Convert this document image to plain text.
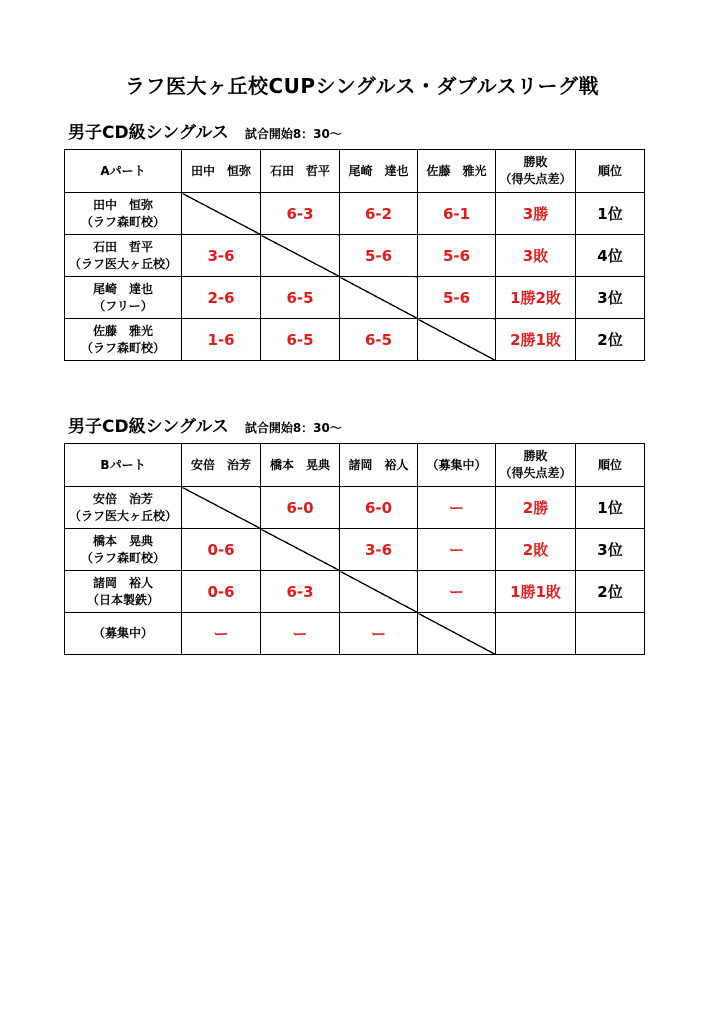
ラフ医大ヶ丘校CUPシングルス・ダブルスリーグ戦
男子CD級シングルス 試合開始8：30～
Aパート	田中　恒弥	石田　哲平	尾崎　達也	佐藤　雅光	勝敗
（得失点差）	順位

田中　恒弥
（ラフ森町校）		6-3	6-2	6-1	3勝	1位

石田　哲平
（ラフ医大ヶ丘校）	3-6		5-6	5-6	3敗	4位

尾崎　達也
（フリー）	2-6	6-5		5-6	1勝2敗	3位

佐藤　雅光
（ラフ森町校）	1-6	6-5	6-5		2勝1敗	2位
男子CD級シングルス 試合開始8：30～
Bパート	安倍　治芳	橋本　晃典	諸岡　裕人	（募集中）	勝敗
（得失点差）	順位

安倍　治芳
（ラフ医大ヶ丘校）		6-0	6-0	ー	2勝	1位

橋本　晃典
（ラフ森町校）	0-6		3-6	ー	2敗	3位

諸岡　裕人
（日本製鉄）	0-6	6-3		ー	1勝1敗	2位

（募集中）	ー	ー	ー			
